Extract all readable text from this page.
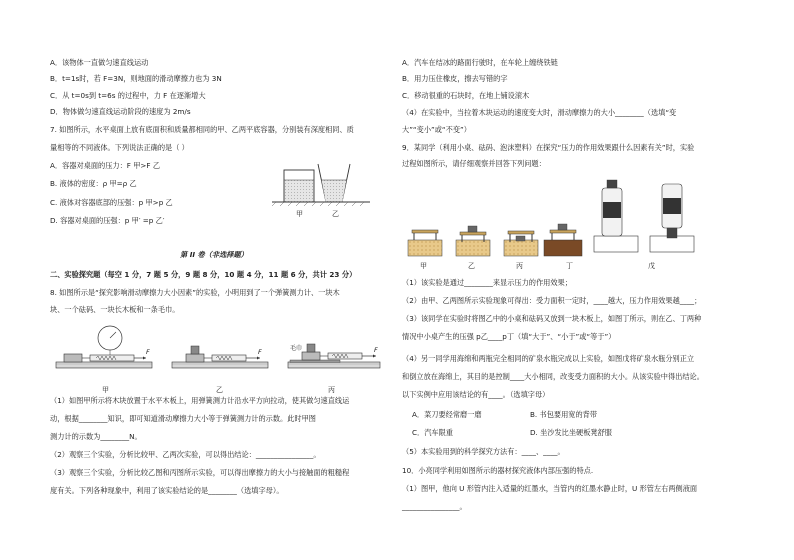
A．该物体一直做匀速直线运动
B．t=1s时，若 F=3N，则地面的滑动摩擦力也为 3N
C．从 t=0s到 t=6s 的过程中，力 F 在逐渐增大
D．物体做匀速直线运动阶段的速度为 2m/s
7. 如图所示，水平桌面上放有底面积和质量都相同的甲、乙两平底容器，分别装有深度相同、质
量相等的不同液体。下列说法正确的是（ ）
A．容器对桌面的压力：F 甲>F 乙
B. 液体的密度：ρ 甲=ρ 乙
C. 液体对容器底部的压强：p 甲>p 乙
D. 容器对桌面的压强：p 甲′ =p 乙′
甲	乙
第 II 卷（非选择题）
二、实验探究题（每空 1 分，7 题 5 分，9 题 8 分，10 题 4 分，11 题 6 分，共计 23 分）
8. 如图所示是“探究影响滑动摩擦力大小因素”的实验，小明用到了一个弹簧测力计、一块木
块、一个砝码、一块长木板和一条毛巾。
F
甲
F
乙
F
毛巾
丙
（1）如图甲所示将木块放置于水平木板上，用弹簧测力计沿水平方向拉动，使其做匀速直线运
动，根据________知识，即可知道滑动摩擦力大小等于弹簧测力计的示数。此时甲图
测力计的示数为________N。
（2）观察三个实验，分析比较甲、乙两次实验，可以得出结论：________________。
（3）观察三个实验，分析比较乙图和丙图所示实验，可以得出摩擦力的大小与接触面的粗糙程
度有关。下列各种现象中，利用了该实验结论的是________（选填字母）。
A．汽车在结冰的路面行驶时，在车轮上缠绕铁链
B．用力压住橡皮，擦去写错的字
C．移动很重的石块时，在地上铺设滚木
（4）在实验中，当拉着木块运动的速度变大时，滑动摩擦力的大小________（选填“变
大”“变小”或“不变”）
9．某同学（利用小桌、砝码、泡沫塑料）在探究“压力的作用效果跟什么因素有关”时，实验
过程如图所示，请仔细观察并回答下列问题：
甲	乙	丙	丁	戊
（1）该实验是通过________来显示压力的作用效果；
（2）由甲、乙两图所示实验现象可得出：受力面积一定时，____越大，压力作用效果越____；
（3）该同学在实验时将图乙中的小桌和砝码又放到一块木板上，如图丁所示，则在乙、丁两种
情况中小桌产生的压强 p乙____p丁（填“大于”、“小于”或“等于”）
（4）另一同学用海绵和两瓶完全相同的矿泉水瓶完成以上实验，如图戊将矿泉水瓶分别正立
和倒立放在海绵上，其目的是控制____大小相同，改变受力面积的大小。从该实验中得出结论。
以下实例中应用该结论的有____。（选填字母）
A．菜刀要经常磨一磨	B. 书包要用宽的背带
C．汽车限重	D. 坐沙发比坐硬板凳舒服
（5）本实验用到的科学探究方法有：____、____。
10．小亮同学利用如图所示的器材探究液体内部压强的特点.
（1）图甲，他向 U 形管内注入适量的红墨水，当管内的红墨水静止时，U 形管左右两侧液面
________________。
